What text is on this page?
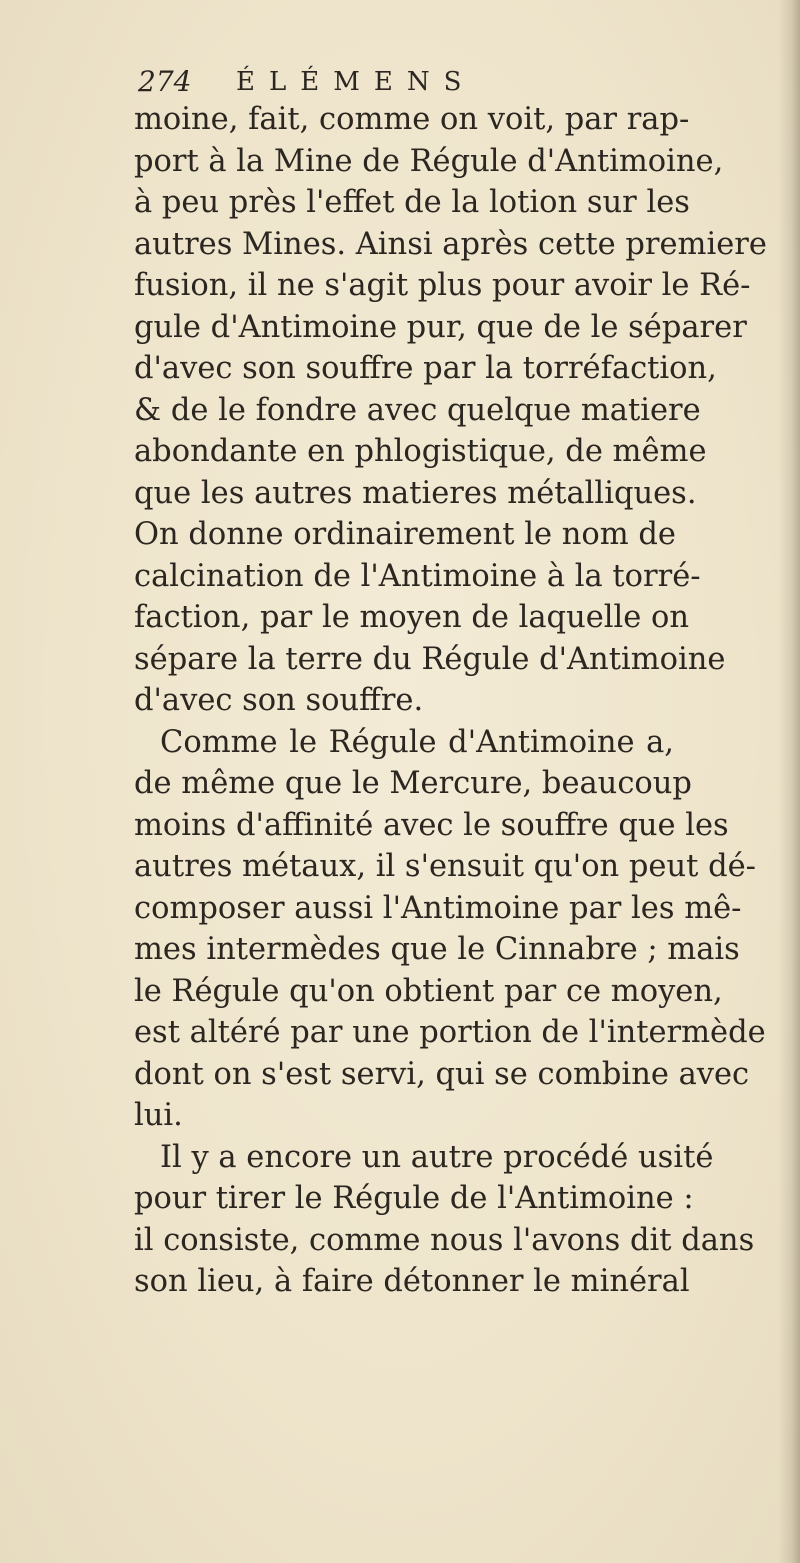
274 ÉLÉMENS
moine, fait, comme on voit, par rap-
port à la Mine de Régule d'Antimoine,
à peu près l'effet de la lotion sur les
autres Mines. Ainsi après cette premiere
fusion, il ne s'agit plus pour avoir le Ré-
gule d'Antimoine pur, que de le séparer
d'avec son souffre par la torréfaction,
& de le fondre avec quelque matiere
abondante en phlogistique, de même
que les autres matieres métalliques.
On donne ordinairement le nom de
calcination de l'Antimoine à la torré-
faction, par le moyen de laquelle on
sépare la terre du Régule d'Antimoine
d'avec son souffre.
Comme le Régule d'Antimoine a,
de même que le Mercure, beaucoup
moins d'affinité avec le souffre que les
autres métaux, il s'ensuit qu'on peut dé-
composer aussi l'Antimoine par les mê-
mes intermèdes que le Cinnabre ; mais
le Régule qu'on obtient par ce moyen,
est altéré par une portion de l'intermède
dont on s'est servi, qui se combine avec
lui.
Il y a encore un autre procédé usité
pour tirer le Régule de l'Antimoine :
il consiste, comme nous l'avons dit dans
son lieu, à faire détonner le minéral
